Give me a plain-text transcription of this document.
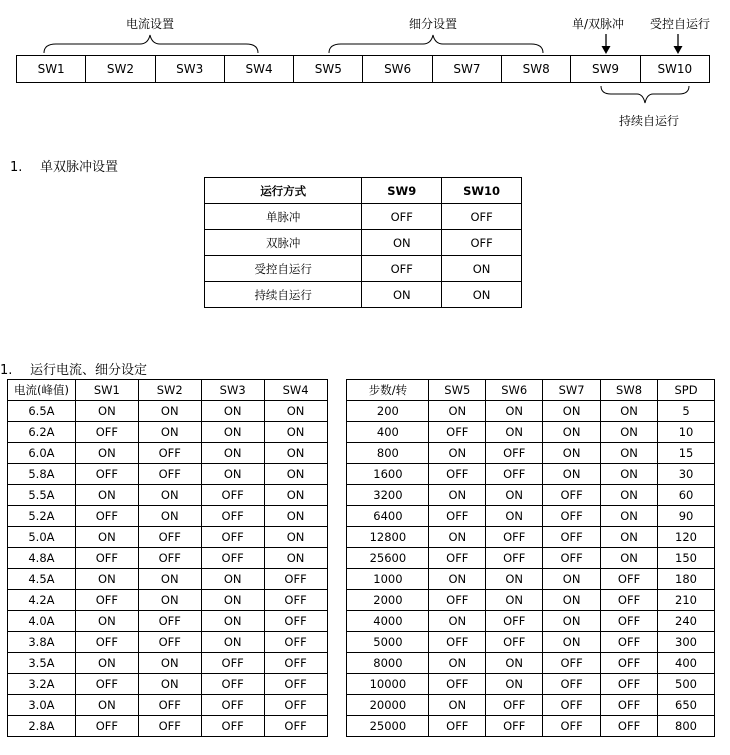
电流设置	细分设置	单/双脉冲 受控自运行
SW1	SW2	SW3	SW4	SW5	SW6	SW7	SW8	SW9	SW10
持续自运行
1. 单双脉冲设置
运行方式	SW9	SW10
单脉冲	OFF	OFF
双脉冲	ON	OFF
受控自运行	OFF	ON
持续自运行	ON	ON
1. 运行电流、细分设定
电流(峰值)	SW1	SW2	SW3	SW4		步数/转	SW5	SW6	SW7	SW8	SPD
6.5A	ON	ON	ON	ON		200	ON	ON	ON	ON	5
6.2A	OFF	ON	ON	ON		400	OFF	ON	ON	ON	10
6.0A	ON	OFF	ON	ON		800	ON	OFF	ON	ON	15
5.8A	OFF	OFF	ON	ON		1600	OFF	OFF	ON	ON	30
5.5A	ON	ON	OFF	ON		3200	ON	ON	OFF	ON	60
5.2A	OFF	ON	OFF	ON		6400	OFF	ON	OFF	ON	90
5.0A	ON	OFF	OFF	ON		12800	ON	OFF	OFF	ON	120
4.8A	OFF	OFF	OFF	ON		25600	OFF	OFF	OFF	ON	150
4.5A	ON	ON	ON	OFF		1000	ON	ON	ON	OFF	180
4.2A	OFF	ON	ON	OFF		2000	OFF	ON	ON	OFF	210
4.0A	ON	OFF	ON	OFF		4000	ON	OFF	ON	OFF	240
3.8A	OFF	OFF	ON	OFF		5000	OFF	OFF	ON	OFF	300
3.5A	ON	ON	OFF	OFF		8000	ON	ON	OFF	OFF	400
3.2A	OFF	ON	OFF	OFF		10000	OFF	ON	OFF	OFF	500
3.0A	ON	OFF	OFF	OFF		20000	ON	OFF	OFF	OFF	650
2.8A	OFF	OFF	OFF	OFF		25000	OFF	OFF	OFF	OFF	800
